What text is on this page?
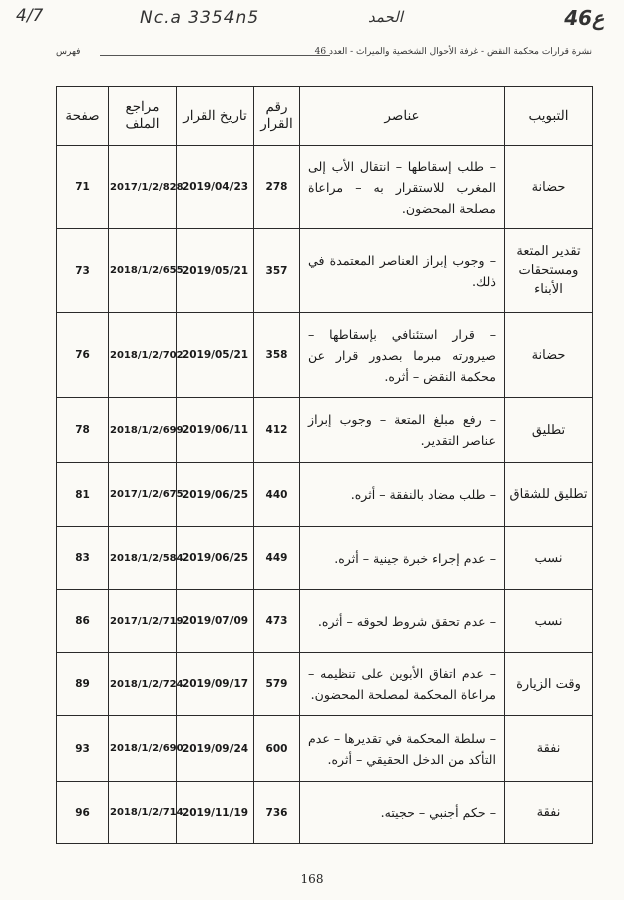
4/7	Nc.a 3354n5	الحمد	46ع
نشرة قرارات محكمة النقض - غرفة الأحوال الشخصية والميراث - العدد 46
فهرس
التبويب	عناصر	رقم القرار	تاريخ القرار	مراجع الملف	صفحة
حضانة	– طلب إسقاطها – انتقال الأب إلى المغرب للاستقرار به – مراعاة مصلحة المحضون.	278	2019/04/23	2017/1/2/828	71
تقدير المتعة ومستحقات الأبناء	– وجوب إبراز العناصر المعتمدة في ذلك.	357	2019/05/21	2018/1/2/655	73
حضانة	– قرار استئنافي بإسقاطها – صيرورته مبرما بصدور قرار عن محكمة النقض – أثره.	358	2019/05/21	2018/1/2/702	76
تطليق	– رفع مبلغ المتعة – وجوب إبراز عناصر التقدير.	412	2019/06/11	2018/1/2/699	78
تطليق للشقاق	– طلب مضاد بالنفقة – أثره.	440	2019/06/25	2017/1/2/675	81
نسب	– عدم إجراء خبرة جينية – أثره.	449	2019/06/25	2018/1/2/584	83
نسب	– عدم تحقق شروط لحوقه – أثره.	473	2019/07/09	2017/1/2/719	86
وقت الزيارة	– عدم اتفاق الأبوين على تنظيمه – مراعاة المحكمة لمصلحة المحضون.	579	2019/09/17	2018/1/2/724	89
نفقة	– سلطة المحكمة في تقديرها – عدم التأكد من الدخل الحقيقي – أثره.	600	2019/09/24	2018/1/2/690	93
نفقة	– حكم أجنبي – حجيته.	736	2019/11/19	2018/1/2/714	96
168
